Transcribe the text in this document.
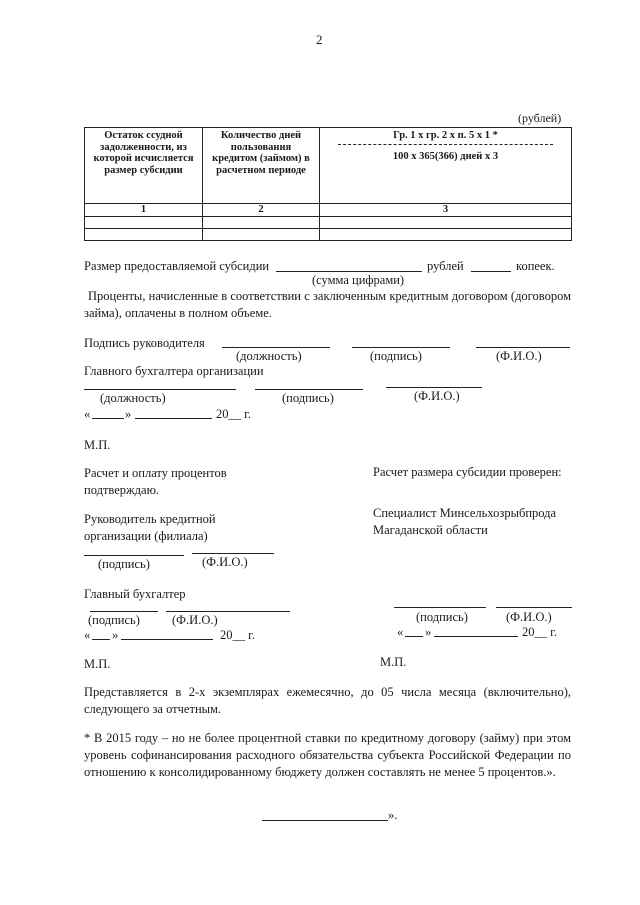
2
(рублей)
Остаток ссудной задолженности, из которой исчисляется размер субсидии	Количество дней пользования кредитом (займом) в расчетном периоде	Гр. 1 х гр. 2 х п. 5 х 1 *
100 х 365(366) дней х 3

1	2	3

Размер предоставляемой субсидии	рублей	копеек.
(сумма цифрами)
Проценты, начисленные в соответствии с заключенным кредитным договором (договором займа), оплачены в полном объеме.
Подпись руководителя
(должность)	(подпись)	(Ф.И.О.)
Главного бухгалтера организации
(должность)	(подпись)	(Ф.И.О.)
«	»	20__ г.
М.П.
Расчет и оплату процентов подтверждаю.
Руководитель кредитной организации (филиала)
(подпись)	(Ф.И.О.)
Главный бухгалтер
(подпись)	(Ф.И.О.)
« »	20__ г.
М.П.
Расчет размера субсидии проверен:
Специалист Минсельхозрыбпрода Магаданской области
(подпись)	(Ф.И.О.)
« »	20__ г.
М.П.
Представляется в 2-х экземплярах ежемесячно, до 05 числа месяца (включительно), следующего за отчетным.
* В 2015 году – но не более процентной ставки по кредитному договору (займу) при этом уровень софинансирования расходного обязательства субъекта Российской Федерации по отношению к консолидированному бюджету должен составлять не менее 5 процентов.».
».
